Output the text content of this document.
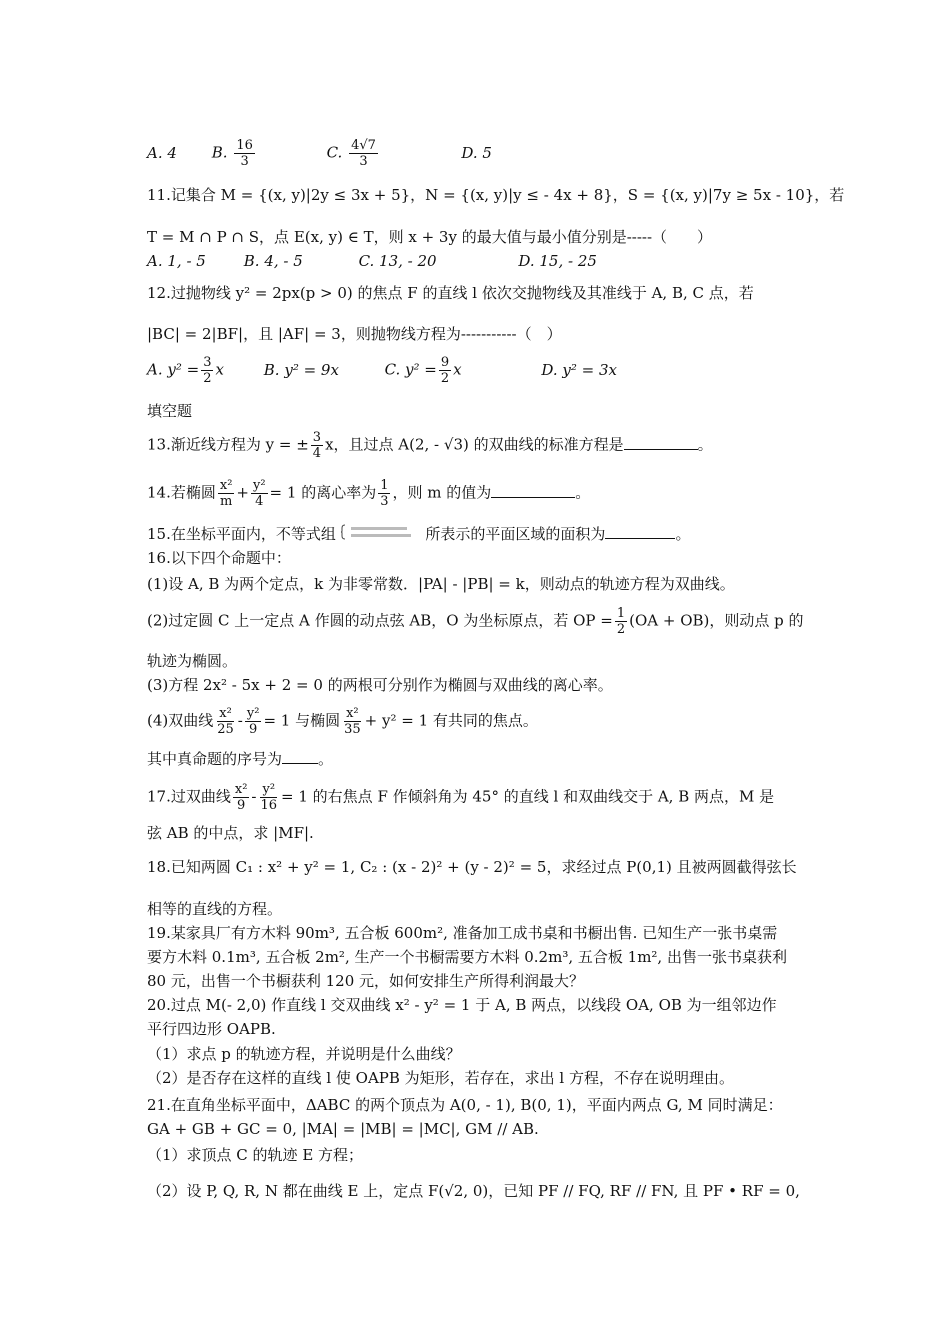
A. 4 B. $\frac{16}{3}$	C. $\frac{4√7}{3}$	D. 5
11.记集合 M = {(x, y)|2y ≤ 3x + 5}，N = {(x, y)|y ≤ - 4x + 8}，S = {(x, y)|7y ≥ 5x - 10}，若
T = M ∩ P ∩ S，点 E(x, y) ∈ T，则 x + 3y 的最大值与最小值分别是-----（　　）
A. 1, - 5	B. 4, - 5	C. 13, - 20	D. 15, - 25
12.过抛物线 y² = 2px(p > 0) 的焦点 F 的直线 l 依次交抛物线及其准线于 A, B, C 点，若
|BC| = 2|BF|，且 |AF| = 3，则抛物线方程为-----------（　）
A. $y^2 = \frac{3}{2}$ x	B. y² = 9x	C. $y^2 = \frac{9}{2}$ x	D. y² = 3x
填空题
13.渐近线方程为 y = ± $\frac{3}{4}$ x，且过点 A(2, - √3) 的双曲线的标准方程是	。
14.若椭圆 $\frac{\text{x²}}{m} + \frac{\text{y²}}{4} = 1$ 的离心率为 $\frac{1}{3}$ ，则 m 的值为	。
15.在坐标平面内，不等式组	所表示的平面区域的面积为	。
16.以下四个命题中：
(1)设 A, B 为两个定点，k 为非零常数．|PA| - |PB| = k，则动点的轨迹方程为双曲线。
(2)过定圆 C 上一定点 A 作圆的动点弦 AB，O 为坐标原点，若 OP = $\frac{1}{2} (OA + OB)$，则动点 p 的
轨迹为椭圆。
(3)方程 2x² - 5x + 2 = 0 的两根可分别作为椭圆与双曲线的离心率。
(4)双曲线 $\frac{\text{x²}}{25} - \frac{\text{y²}}{9} = 1$ 与椭圆 $\frac{\text{x²}}{35} + y^2 = 1$ 有共同的焦点。
其中真命题的序号为 。
17.过双曲线 $\frac{\text{x²}}{9} - \frac{\text{y²}}{16} = 1$ 的右焦点 F 作倾斜角为 45° 的直线 l 和双曲线交于 A, B 两点，M 是
弦 AB 的中点，求 |MF|.
18.已知两圆 C₁ : x² + y² = 1, C₂ : (x - 2)² + (y - 2)² = 5，求经过点 P(0,1) 且被两圆截得弦长
相等的直线的方程。
19.某家具厂有方木料 90m³, 五合板 600m², 准备加工成书桌和书橱出售. 已知生产一张书桌需
要方木料 0.1m³, 五合板 2m², 生产一个书橱需要方木料 0.2m³, 五合板 1m², 出售一张书桌获利
80 元，出售一个书橱获利 120 元，如何安排生产所得利润最大？
20.过点 M(- 2,0) 作直线 l 交双曲线 x² - y² = 1 于 A, B 两点，以线段 OA, OB 为一组邻边作
平行四边形 OAPB.
（1）求点 p 的轨迹方程，并说明是什么曲线？
（2）是否存在这样的直线 l 使 OAPB 为矩形，若存在，求出 l 方程，不存在说明理由。
21.在直角坐标平面中，ΔABC 的两个顶点为 A(0, - 1), B(0, 1)，平面内两点 G, M 同时满足：
GA + GB + GC = 0, |MA| = |MB| = |MC|, GM // AB.
（1）求顶点 C 的轨迹 E 方程；
（2）设 P, Q, R, N 都在曲线 E 上，定点 F(√2, 0)，已知 PF // FQ, RF // FN, 且 PF • RF = 0,
